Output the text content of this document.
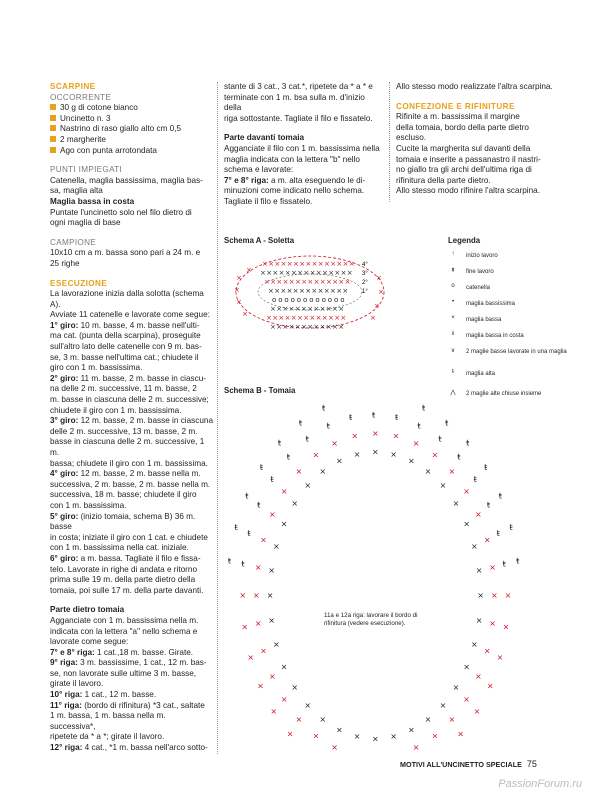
SCARPINE

OCCORRENTE

30 g di cotone bianco
Uncinetto n. 3
Nastrino di raso giallo alto cm 0,5
2 margherite
Ago con punta arrotondata

PUNTI IMPIEGATI

Catenella, maglia bassissima, maglia bas-

sa, maglia alta

Maglia bassa in costa

Puntate l'uncinetto solo nel filo dietro di

ogni maglia di base

CAMPIONE

10x10 cm a m. bassa sono pari a 24 m. e

25 righe

ESECUZIONE

La lavorazione inizia dalla solotta (schema A).

Avviate 11 catenelle e lavorate come segue:

1° giro: 10 m. basse, 4 m. basse nell'ulti-

ma cat. (punta della scarpina), proseguite

sull'altro lato delle catenelle con 9 m. bas-

se, 3 m. basse nell'ultima cat.; chiudete il

giro con 1 m. bassissima.

2° giro: 11 m. basse, 2 m. basse in ciascu-

na delle 2 m. successive, 11 m. basse, 2

m. basse in ciascuna delle 2 m. successive;

chiudete il giro con 1 m. bassissima.

3° giro: 12 m. basse, 2 m. basse in ciascuna

delle 2 m. successive, 13 m. basse, 2 m.

basse in ciascuna delle 2 m. successive, 1 m.

bassa; chiudete il giro con 1 m. bassissima.

4° giro: 12 m. basse, 2 m. basse nella m.

successiva, 2 m. basse, 2 m. basse nella m.

successiva, 18 m. basse; chiudete il giro

con 1 m. bassissima.

5° giro: (inizio tomaia, schema B) 36 m. basse

in costa; iniziate il giro con 1 cat. e chiudete

con 1 m. bassissima nella cat. iniziale.

6° giro: a m. bassa. Tagliate il filo e fissa-

telo. Lavorate in righe di andata e ritorno

prima sulle 19 m. della parte dietro della

tomaia, poi sulle 17 m. della parte davanti.

Parte dietro tomaia

Agganciate con 1 m. bassissima nella m.

indicata con la lettera "a" nello schema e

lavorate come segue:

7° e 8° riga: 1 cat.,18 m. basse. Girate.

9° riga: 3 m. bassissime, 1 cat., 12 m. bas-

se, non lavorate sulle ultime 3 m. basse,

girate il lavoro.

10° riga: 1 cat., 12 m. basse.

11° riga: (bordo di rifinitura) *3 cat., saltate

1 m. bassa, 1 m. bassa nella m. successiva*,

ripetete da * a *; girate il lavoro.

12° riga: 4 cat., *1 m. bassa nell'arco sotto-

stante di 3 cat., 3 cat.*, ripetete da * a * e

terminate con 1 m. bsa sulla m. d'inizio della

riga sottostante. Tagliate il filo e fissatelo.

Parte davanti tomaia

Agganciate il filo con 1 m. bassissima nella

maglia indicata con la lettera "b" nello

schema e lavorate:

7° e 8° riga: a m. alta eseguendo le di-

minuzioni come indicato nello schema.

Tagliate il filo e fissatelo.

Allo stesso modo realizzate l'altra scarpina.

CONFEZIONE E RIFINITURE

Rifinite a m. bassissima il margine

della tomaia, bordo della parte dietro

escluso.

Cucite la margherita sul davanti della

tomaia e inserite a passanastro il nastri-

no giallo tra gli archi dell'ultima riga di

rifinitura della parte dietro.

Allo stesso modo rifinire l'altra scarpina.

Schema A - Soletta
× × × × × × × × × × × × × × ×
× × × × × × × × × × × × × × ×
× × × × × × × × × × × × × ×
× × × × × × × × × × × × ×
o o o o o o o o o o o o
× × × × × × × × × × × ×
× × × × × × × × × × × × ×
× × × × × × × × × × × ×
×
×
×
×
×
×
×
×
×
4°
3°
2°
1°
Legenda
↑	inizio lavoro
⇞	fine lavoro
o	catenella
•	maglia bassissima
×	maglia bassa
ẋ	maglia bassa in costa
∨	2 maglie basse lavorate in una maglia
ŧ	maglia alta
⋀	2 maglie alte chiuse insieme
Schema B - Tomaia
×
×
ŧ
×
×
ŧ
×
×
ŧ
ŧ
×
×
ŧ
ŧ
×
×
ŧ
ŧ
×
×
ŧ
ŧ
×
×
ŧ
ŧ
×
×
ŧ
ŧ
× × ŧ ŧ
× × ×
× × ×
×
×
×
×
×
×
×
×
×
×
×
×
×
×
×
×
×
×
×
×
×
×
×
×
×
×
×
×
×
×
×
×
×
×
×
×
×
×
×
×
×
×
×
ŧ
ŧ
×
×
ŧ
ŧ	×
×
ŧ
ŧ
×
×
ŧ
ŧ
×
×
ŧ
ŧ
×
×
ŧ
ŧ
×
×
ŧ
ŧ
×
×
ŧ
11a e 12a riga: lavorare il bordo di rifinitura (vedere esecuzione).
MOTIVI ALL'UNCINETTO SPECIALE 75
PassionForum.ru
